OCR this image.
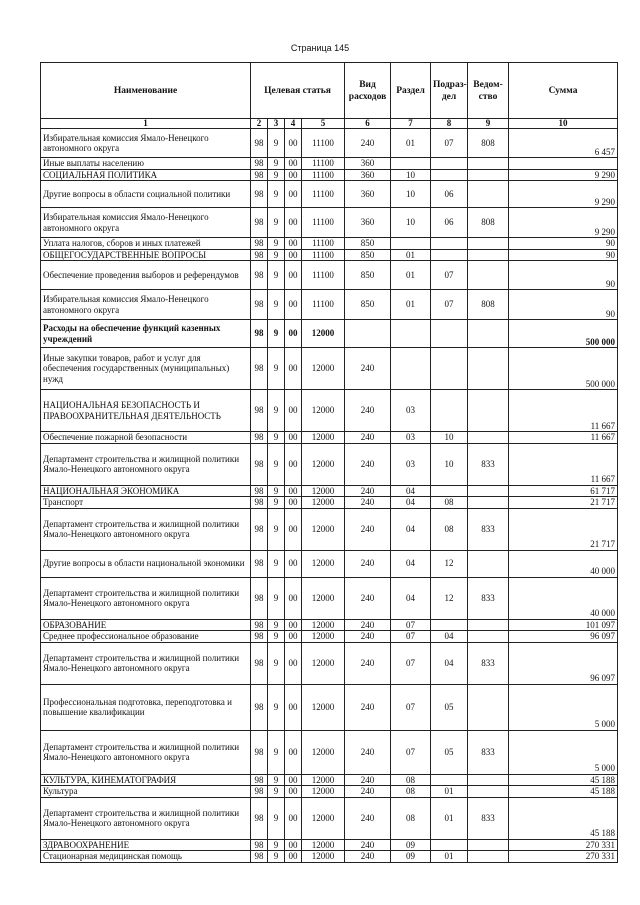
Страница 145
Наименование	Целевая статья				Вид расходов	Раздел	Подраз-дел	Ведом-ство	Сумма
1	2	3	4	5	6	7	8	9	10
Избирательная комиссия Ямало-Ненецкого автономного округа	98	9	00	11100	240	01	07	808	6 457
Иные выплаты населению	98	9	00	11100	360				
СОЦИАЛЬНАЯ ПОЛИТИКА	98	9	00	11100	360	10			9 290
Другие вопросы в области социальной политики	98	9	00	11100	360	10	06		9 290
Избирательная комиссия Ямало-Ненецкого автономного округа	98	9	00	11100	360	10	06	808	9 290
Уплата налогов, сборов и иных платежей	98	9	00	11100	850				90
ОБЩЕГОСУДАРСТВЕННЫЕ ВОПРОСЫ	98	9	00	11100	850	01			90
Обеспечение проведения выборов и референдумов	98	9	00	11100	850	01	07		90
Избирательная комиссия Ямало-Ненецкого автономного округа	98	9	00	11100	850	01	07	808	90
Расходы на обеспечение функций казенных учреждений	98	9	00	12000					500 000
Иные закупки товаров, работ и услуг для обеспечения государственных (муниципальных) нужд	98	9	00	12000	240				500 000
НАЦИОНАЛЬНАЯ БЕЗОПАСНОСТЬ И ПРАВООХРАНИТЕЛЬНАЯ ДЕЯТЕЛЬНОСТЬ	98	9	00	12000	240	03			11 667
Обеспечение пожарной безопасности	98	9	00	12000	240	03	10		11 667
Департамент строительства и жилищной политики Ямало-Ненецкого автономного округа	98	9	00	12000	240	03	10	833	11 667
НАЦИОНАЛЬНАЯ ЭКОНОМИКА	98	9	00	12000	240	04			61 717
Транспорт	98	9	00	12000	240	04	08		21 717
Департамент строительства и жилищной политики Ямало-Ненецкого автономного округа	98	9	00	12000	240	04	08	833	21 717
Другие вопросы в области национальной экономики	98	9	00	12000	240	04	12		40 000
Департамент строительства и жилищной политики Ямало-Ненецкого автономного округа	98	9	00	12000	240	04	12	833	40 000
ОБРАЗОВАНИЕ	98	9	00	12000	240	07			101 097
Среднее профессиональное образование	98	9	00	12000	240	07	04		96 097
Департамент строительства и жилищной политики Ямало-Ненецкого автономного округа	98	9	00	12000	240	07	04	833	96 097
Профессиональная подготовка, переподготовка и повышение квалификации	98	9	00	12000	240	07	05		5 000
Департамент строительства и жилищной политики Ямало-Ненецкого автономного округа	98	9	00	12000	240	07	05	833	5 000
КУЛЬТУРА, КИНЕМАТОГРАФИЯ	98	9	00	12000	240	08			45 188
Культура	98	9	00	12000	240	08	01		45 188
Департамент строительства и жилищной политики Ямало-Ненецкого автономного округа	98	9	00	12000	240	08	01	833	45 188
ЗДРАВООХРАНЕНИЕ	98	9	00	12000	240	09			270 331
Стационарная медицинская помощь	98	9	00	12000	240	09	01		270 331
